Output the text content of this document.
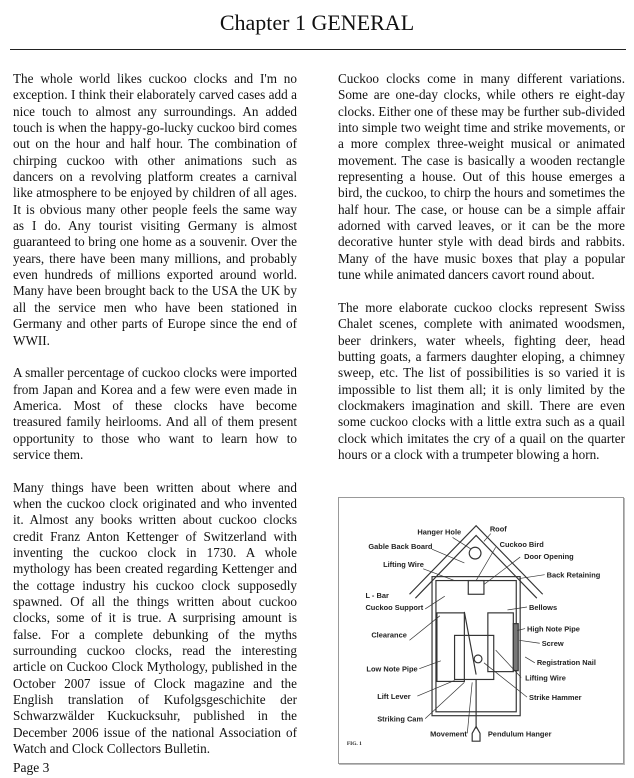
Chapter 1 GENERAL

The whole world likes cuckoo clocks and I'm no exception. I think their elaborately carved cases add a nice touch to almost any surroundings. An added touch is when the happy-go-lucky cuckoo bird comes out on the hour and half hour. The combination of chirping cuckoo with other animations such as dancers on a revolving platform creates a carnival like atmosphere to be enjoyed by children of all ages. It is obvious many other people feels the same way as I do. Any tourist visiting Germany is almost guaranteed to bring one home as a souvenir. Over the years, there have been many millions, and probably even hundreds of millions exported around world. Many have been brought back to the USA the UK by all the service men who have been stationed in Germany and other parts of Europe since the end of WWII.

A smaller percentage of cuckoo clocks were imported from Japan and Korea and a few were even made in America. Most of these clocks have become treasured family heirlooms. And all of them present opportunity to those who want to learn how to service them.

Many things have been written about where and when the cuckoo clock originated and who invented it. Almost any books written about cuckoo clocks credit Franz Anton Kettenger of Switzerland with inventing the cuckoo clock in 1730. A whole mythology has been created regarding Kettenger and the cottage industry his cuckoo clock supposedly spawned. Of all the things written about cuckoo clocks, some of it is true. A surprising amount is false. For a complete debunking of the myths surrounding cuckoo clocks, read the interesting article on Cuckoo Clock Mythology, published in the October 2007 issue of Clock magazine and the English translation of Kufolgsgeschichite der Schwarzwälder Kuckucksuhr, published in the December 2006 issue of the national Association of Watch and Clock Collectors Bulletin.

Cuckoo clocks come in many different variations. Some are one-day clocks, while others re eight-day clocks. Either one of these may be further sub-divided into simple two weight time and strike movements, or a more complex three-weight musical or animated movement. The case is basically a wooden rectangle representing a house. Out of this house emerges a bird, the cuckoo, to chirp the hours and sometimes the half hour. The case, or house can be a simple affair adorned with carved leaves, or it can be the more decorative hunter style with dead birds and rabbits. Many of the have music boxes that play a popular tune while animated dancers cavort round about.

The more elaborate cuckoo clocks represent Swiss Chalet scenes, complete with animated woodsmen, beer drinkers, water wheels, fighting deer, head butting goats, a farmers daughter eloping, a chimney sweep, etc. The list of possibilities is so varied it is impossible to list them all; it is only limited by the clockmakers imagination and skill. There are even some cuckoo clocks with a little extra such as a quail clock which imitates the cry of a quail on the quarter hours or a clock with a trumpeter blowing a horn.

Hanger Hole	Roof
Gable Back Board	Cuckoo Bird
Door Opening
Lifting Wire
Back Retaining
L - Bar
Cuckoo Support	Bellows
Clearance
High Note Pipe
Screw
Registration Nail
Low Note Pipe
Lifting Wire
Lift Lever	Strike Hammer
Striking Cam
Movement	Pendulum Hanger
FIG. 1
Page 3
